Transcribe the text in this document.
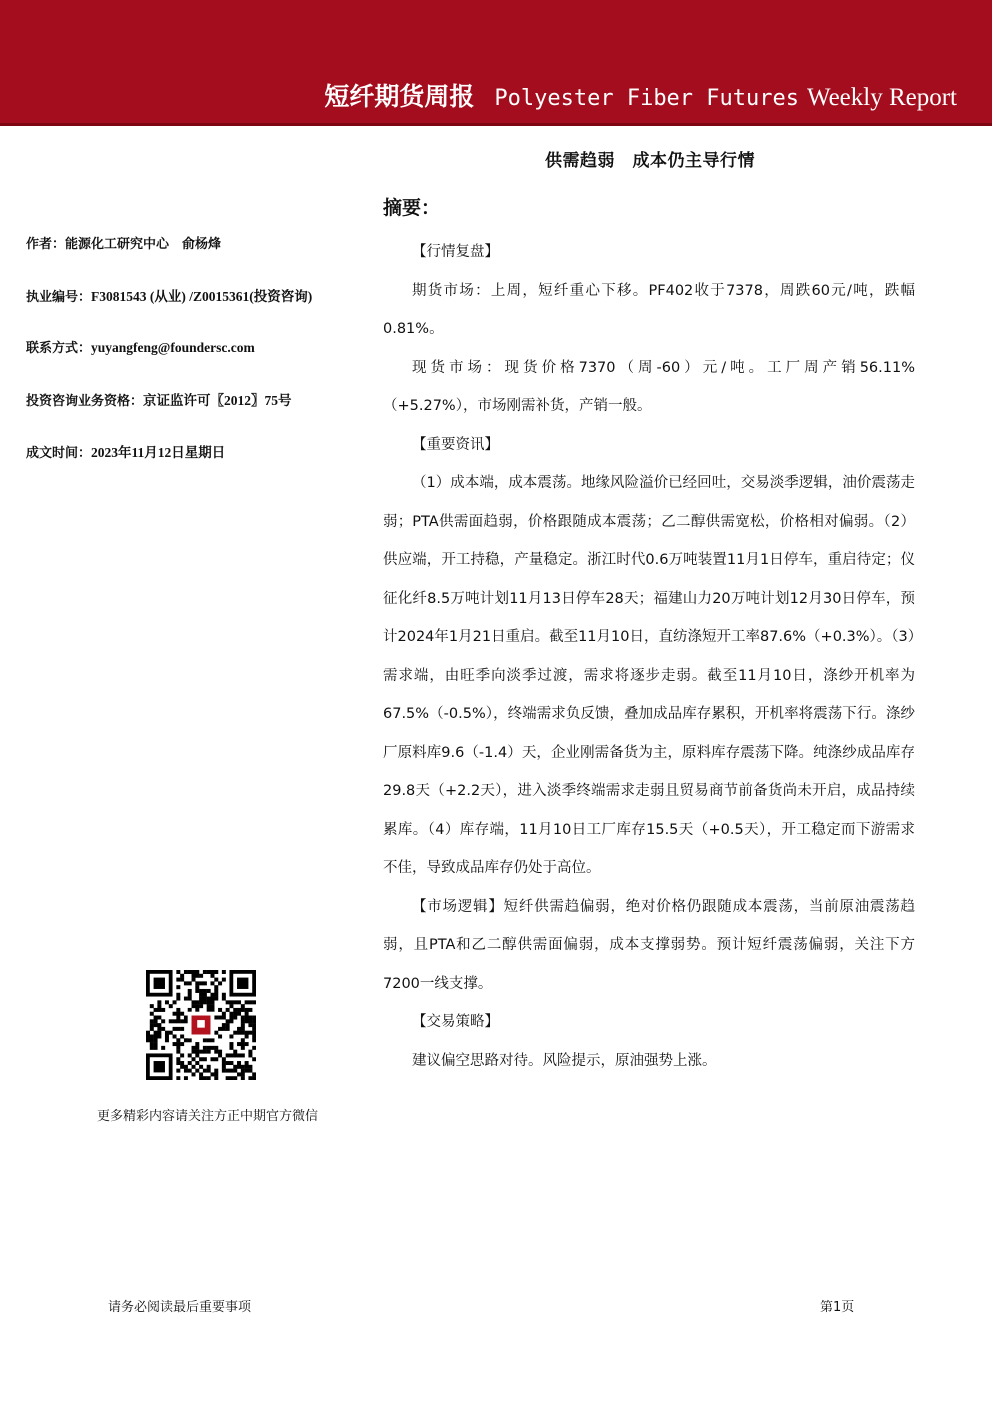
短纤期货周报 Polyester Fiber Futures Weekly Report
供需趋弱　成本仍主导行情
摘要：
作者：能源化工研究中心　俞杨烽
执业编号：F3081543 (从业) /Z0015361(投资咨询)
联系方式：yuyangfeng@foundersc.com
投资咨询业务资格：京证监许可〖2012〗75号
成文时间：2023年11月12日星期日

【行情复盘】

期货市场：上周，短纤重心下移。PF402收于7378，周跌60元/吨，跌幅0.81%。

现货市场：现货价格7370（周-60）元/吨。工厂周产销56.11%（+5.27%），市场刚需补货，产销一般。

【重要资讯】

（1）成本端，成本震荡。地缘风险溢价已经回吐，交易淡季逻辑，油价震荡走弱；PTA供需面趋弱，价格跟随成本震荡；乙二醇供需宽松，价格相对偏弱。（2）供应端，开工持稳，产量稳定。浙江时代0.6万吨装置11月1日停车，重启待定；仪征化纤8.5万吨计划11月13日停车28天；福建山力20万吨计划12月30日停车，预计2024年1月21日重启。截至11月10日，直纺涤短开工率87.6%（+0.3%）。（3）需求端，由旺季向淡季过渡，需求将逐步走弱。截至11月10日，涤纱开机率为67.5%（-0.5%），终端需求负反馈，叠加成品库存累积，开机率将震荡下行。涤纱厂原料库9.6（-1.4）天，企业刚需备货为主，原料库存震荡下降。纯涤纱成品库存29.8天（+2.2天），进入淡季终端需求走弱且贸易商节前备货尚未开启，成品持续累库。（4）库存端，11月10日工厂库存15.5天（+0.5天），开工稳定而下游需求不佳，导致成品库存仍处于高位。

【市场逻辑】短纤供需趋偏弱，绝对价格仍跟随成本震荡，当前原油震荡趋弱，且PTA和乙二醇供需面偏弱，成本支撑弱势。预计短纤震荡偏弱，关注下方7200一线支撑。

【交易策略】

建议偏空思路对待。风险提示，原油强势上涨。

更多精彩内容请关注方正中期官方微信
请务必阅读最后重要事项	第1页
